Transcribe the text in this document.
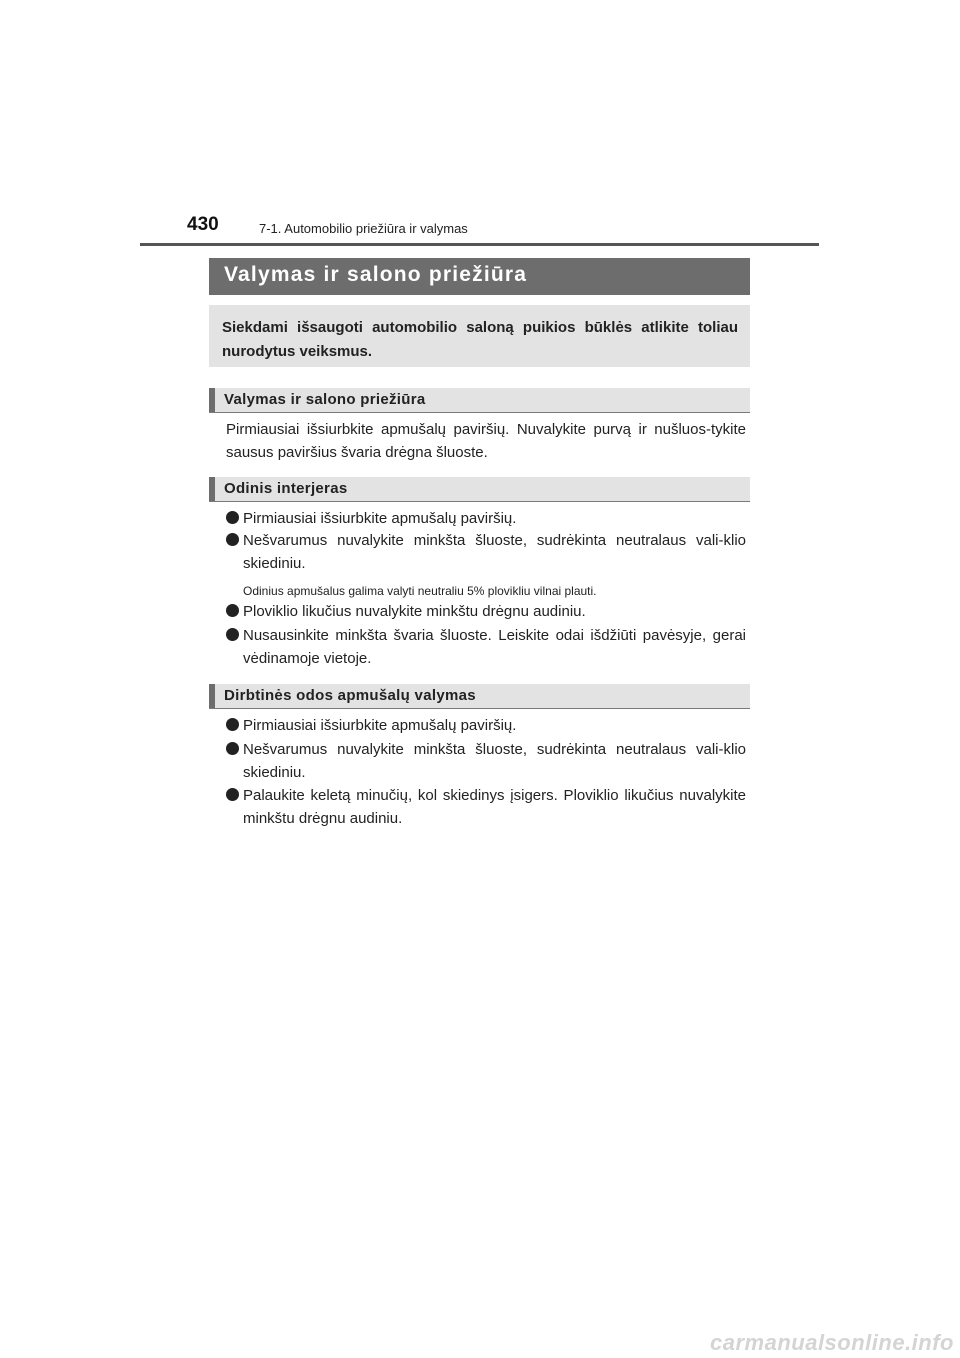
430	7-1. Automobilio priežiūra ir valymas
Valymas ir salono priežiūra

Siekdami išsaugoti automobilio saloną puikios būklės atlikite toliau nurodytus veiksmus.

Valymas ir salono priežiūra

Pirmiausiai išsiurbkite apmušalų paviršių. Nuvalykite purvą ir nušluos-tykite sausus paviršius švaria drėgna šluoste.

Odinis interjeras
Pirmiausiai išsiurbkite apmušalų paviršių.
Nešvarumus nuvalykite minkšta šluoste, sudrėkinta neutralaus vali-klio skiediniu.
Odinius apmušalus galima valyti neutraliu 5% plovikliu vilnai plauti.
Ploviklio likučius nuvalykite minkštu drėgnu audiniu.
Nusausinkite minkšta švaria šluoste. Leiskite odai išdžiūti pavėsyje, gerai vėdinamoje vietoje.
Dirbtinės odos apmušalų valymas
Pirmiausiai išsiurbkite apmušalų paviršių.
Nešvarumus nuvalykite minkšta šluoste, sudrėkinta neutralaus vali-klio skiediniu.
Palaukite keletą minučių, kol skiedinys įsigers. Ploviklio likučius nuvalykite minkštu drėgnu audiniu.
carmanualsonline.info
